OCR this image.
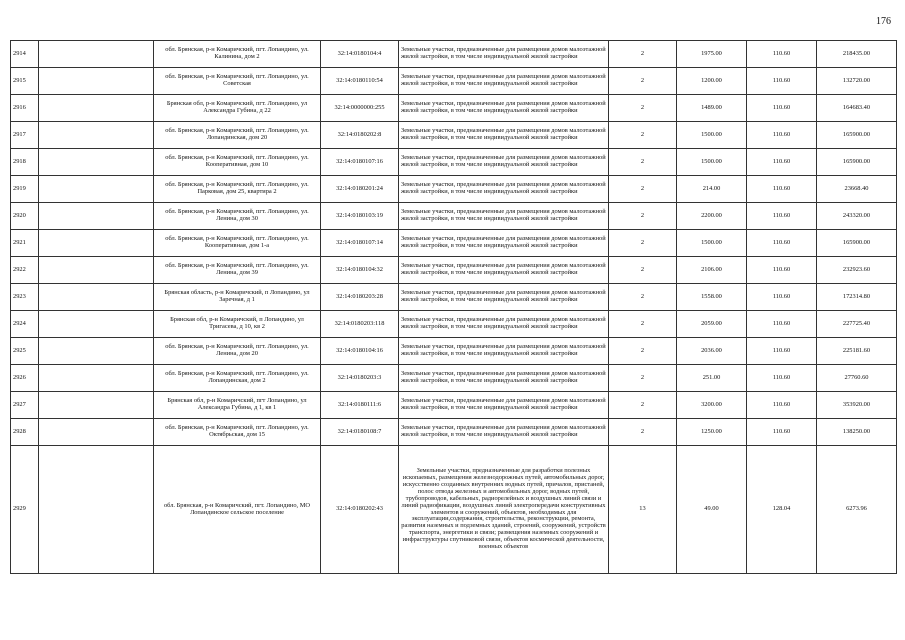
176
2914		обл. Брянская, р-н Комаричский, пгт. Лопандино, ул. Калинина, дом 2	32:14:0180104:4	Земельные участки, предназначенные для размещения домов малоэтажной жилой застройки, в том числе индивидуальной жилой застройки	2	1975.00	110.60	218435.00
2915		обл. Брянская, р-н Комаричский, пгт. Лопандино, ул. Советская	32:14:0180110:54	Земельные участки, предназначенные для размещения домов малоэтажной жилой застройки, в том числе индивидуальной жилой застройки	2	1200.00	110.60	132720.00
2916		Брянская обл, р-н Комаричский, пгт. Лопандино, ул Александра Губина, д 22	32:14:0000000:255	Земельные участки, предназначенные для размещения домов малоэтажной жилой застройки, в том числе индивидуальной жилой застройки	2	1489.00	110.60	164683.40
2917		обл. Брянская, р-н Комаричский, пгт. Лопандино, ул. Лопандинская, дом 20	32:14:0180202:8	Земельные участки, предназначенные для размещения домов малоэтажной жилой застройки, в том числе индивидуальной жилой застройки	2	1500.00	110.60	165900.00
2918		обл. Брянская, р-н Комаричский, пгт. Лопандино, ул. Кооперативная, дом 10	32:14:0180107:16	Земельные участки, предназначенные для размещения домов малоэтажной жилой застройки, в том числе индивидуальной жилой застройки	2	1500.00	110.60	165900.00
2919		обл. Брянская, р-н Комаричский, пгт. Лопандино, ул. Парковая, дом 25, квартира 2	32:14:0180201:24	Земельные участки, предназначенные для размещения домов малоэтажной жилой застройки, в том числе индивидуальной жилой застройки	2	214.00	110.60	23668.40
2920		обл. Брянская, р-н Комаричский, пгт. Лопандино, ул. Ленина, дом 30	32:14:0180103:19	Земельные участки, предназначенные для размещения домов малоэтажной жилой застройки, в том числе индивидуальной жилой застройки	2	2200.00	110.60	243320.00
2921		обл. Брянская, р-н Комаричский, пгт. Лопандино, ул. Кооперативная, дом 1-а	32:14:0180107:14	Земельные участки, предназначенные для размещения домов малоэтажной жилой застройки, в том числе индивидуальной жилой застройки	2	1500.00	110.60	165900.00
2922		обл. Брянская, р-н Комаричский, пгт. Лопандино, ул. Ленина, дом 39	32:14:0180104:32	Земельные участки, предназначенные для размещения домов малоэтажной жилой застройки, в том числе индивидуальной жилой застройки	2	2106.00	110.60	232923.60
2923		Брянская область, р-н Комаричский, п Лопандино, ул Заречная, д 1	32:14:0180203:28	Земельные участки, предназначенные для размещения домов малоэтажной жилой застройки, в том числе индивидуальной жилой застройки	2	1558.00	110.60	172314.80
2924		Брянская обл, р-н Комаричский, п Лопандино, ул Тригасева, д 10, кв 2	32:14:0180203:118	Земельные участки, предназначенные для размещения домов малоэтажной жилой застройки, в том числе индивидуальной жилой застройки	2	2059.00	110.60	227725.40
2925		обл. Брянская, р-н Комаричский, пгт. Лопандино, ул. Ленина, дом 20	32:14:0180104:16	Земельные участки, предназначенные для размещения домов малоэтажной жилой застройки, в том числе индивидуальной жилой застройки	2	2036.00	110.60	225181.60
2926		обл. Брянская, р-н Комаричский, пгт. Лопандино, ул. Лопандинская, дом 2	32:14:0180203:3	Земельные участки, предназначенные для размещения домов малоэтажной жилой застройки, в том числе индивидуальной жилой застройки	2	251.00	110.60	27760.60
2927		Брянская обл, р-н Комаричский, пгт Лопандино, ул Александра Губина, д 1, кв 1	32:14:0180111:6	Земельные участки, предназначенные для размещения домов малоэтажной жилой застройки, в том числе индивидуальной жилой застройки	2	3200.00	110.60	353920.00
2928		обл. Брянская, р-н Комаричский, пгт. Лопандино, ул. Октябрьская, дом 15	32:14:0180108:7	Земельные участки, предназначенные для размещения домов малоэтажной жилой застройки, в том числе индивидуальной жилой застройки	2	1250.00	110.60	138250.00
2929		обл. Брянская, р-н Комаричский, пгт. Лопандино, МО Лопандинское сельское поселение	32:14:0180202:43	Земельные участки, предназначенные для разработки полезных ископаемых, размещения железнодорожных путей, автомобильных дорог, искусственно созданных внутренних водных путей, причалов, пристаней, полос отвода железных и автомобильных дорог, водных путей, трубопроводов, кабельных, радиорелейных и воздушных линий связи и линий радиофикации, воздушных линий электропередачи конструктивных элементов и сооружений, объектов, необходимых для эксплуатации,содержания, строительства, реконструкции, ремонта, развития наземных и подземных зданий, строений, сооружений, устройств транспорта, энергетики и связи; размещения наземных сооружений и инфраструктуры спутниковой связи, объектов космической деятельности, военных объектов	13	49.00	128.04	6273.96
